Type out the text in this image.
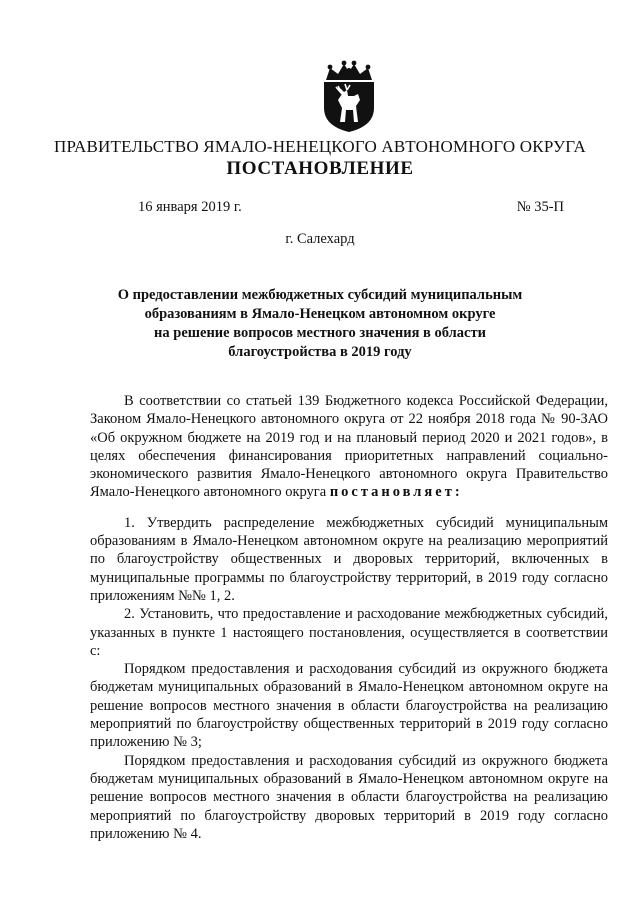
ПРАВИТЕЛЬСТВО ЯМАЛО-НЕНЕЦКОГО АВТОНОМНОГО ОКРУГА
ПОСТАНОВЛЕНИЕ
16 января 2019 г.	№ 35-П
г. Салехард
О предоставлении межбюджетных субсидий муниципальным
образованиям в Ямало-Ненецком автономном округе
на решение вопросов местного значения в области
благоустройства в 2019 году

В соответствии со статьей 139 Бюджетного кодекса Российской Федерации, Законом Ямало-Ненецкого автономного округа от 22 ноября 2018 года № 90-ЗАО «Об окружном бюджете на 2019 год и на плановый период 2020 и 2021 годов», в целях обеспечения финансирования приоритетных направлений социально-экономического развития Ямало-Ненецкого автономного округа Правительство Ямало-Ненецкого автономного округа постановляет:

1. Утвердить распределение межбюджетных субсидий муниципальным образованиям в Ямало-Ненецком автономном округе на реализацию мероприятий по благоустройству общественных и дворовых территорий, включенных в муниципальные программы по благоустройству территорий, в 2019 году согласно приложениям №№ 1, 2.

2. Установить, что предоставление и расходование межбюджетных субсидий, указанных в пункте 1 настоящего постановления, осуществляется в соответствии с:

Порядком предоставления и расходования субсидий из окружного бюджета бюджетам муниципальных образований в Ямало-Ненецком автономном округе на решение вопросов местного значения в области благоустройства на реализацию мероприятий по благоустройству общественных территорий в 2019 году согласно приложению № 3;

Порядком предоставления и расходования субсидий из окружного бюджета бюджетам муниципальных образований в Ямало-Ненецком автономном округе на решение вопросов местного значения в области благоустройства на реализацию мероприятий по благоустройству дворовых территорий в 2019 году согласно приложению № 4.
